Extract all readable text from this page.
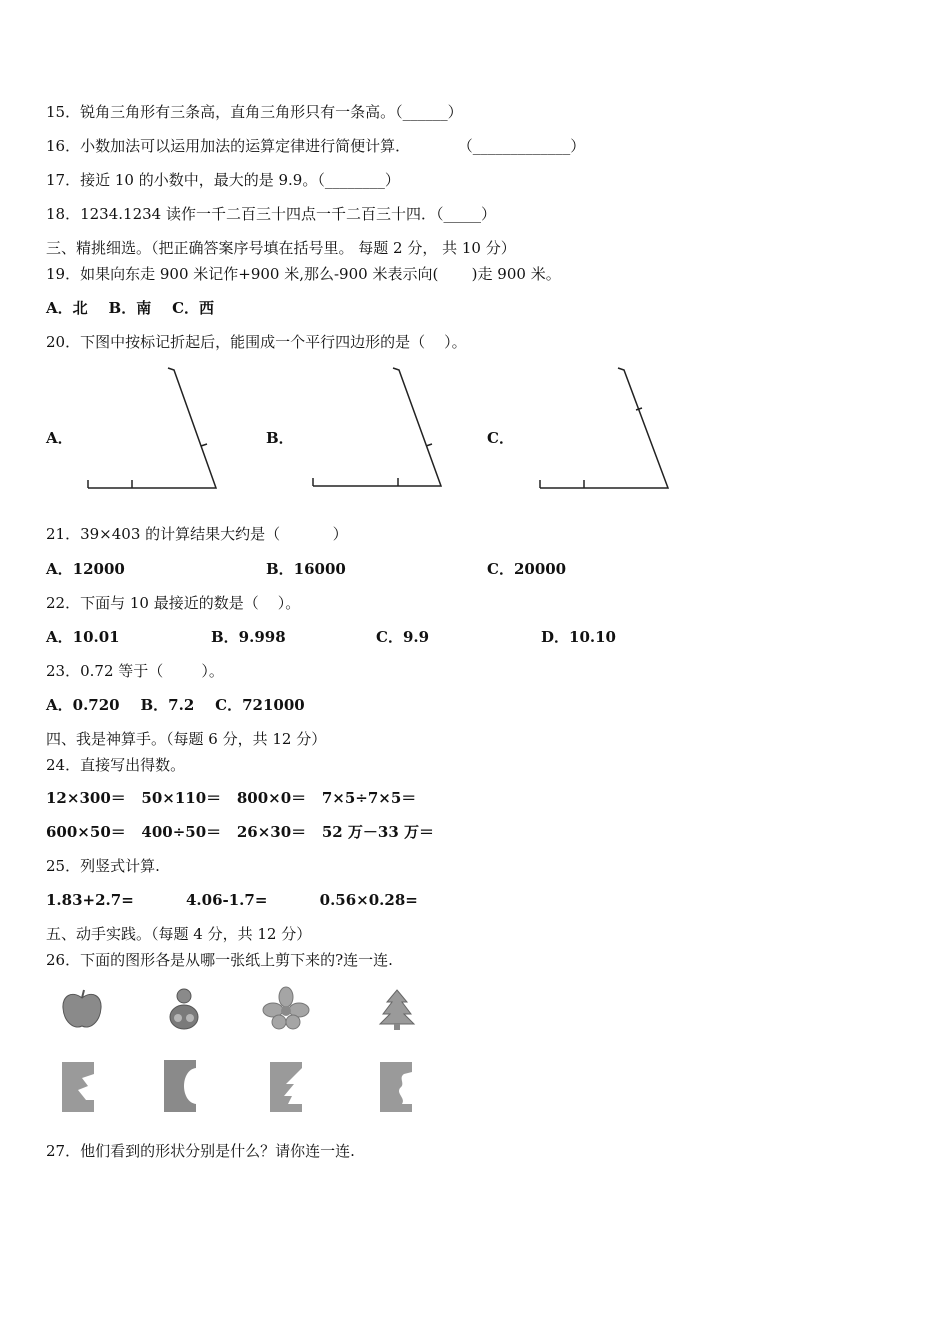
15．锐角三角形有三条高，直角三角形只有一条高。（______）
16．小数加法可以运用加法的运算定律进行简便计算．          （_____________）
17．接近 10 的小数中，最大的是 9.9。（________）
18．1234.1234 读作一千二百三十四点一千二百三十四．（_____）
三、精挑细选。（把正确答案序号填在括号里。 每题 2 分， 共 10 分）
19．如果向东走 900 米记作+900 米,那么-900 米表示向(       )走 900 米。
A．北    B．南    C．西
20．下图中按标记折起后，能围成一个平行四边形的是（    ）。
A．	B．	C．
21．39×403 的计算结果大约是（           ）
A．12000	B．16000	C．20000
22．下面与 10 最接近的数是（    ）。
A．10.01	B．9.998	C．9.9	D．10.10
23．0.72 等于（        ）。
A．0.720    B．7.2    C．721000
四、我是神算手。（每题 6 分，共 12 分）
24．直接写出得数。
12×300＝   50×110＝   800×0＝   7×5÷7×5＝
600×50＝   400÷50＝   26×30＝   52 万－33 万＝
25．列竖式计算.
1.83+2.7=          4.06-1.7=          0.56×0.28=
五、动手实践。（每题 4 分，共 12 分）
26．下面的图形各是从哪一张纸上剪下来的?连一连.
27．他们看到的形状分别是什么？请你连一连.
